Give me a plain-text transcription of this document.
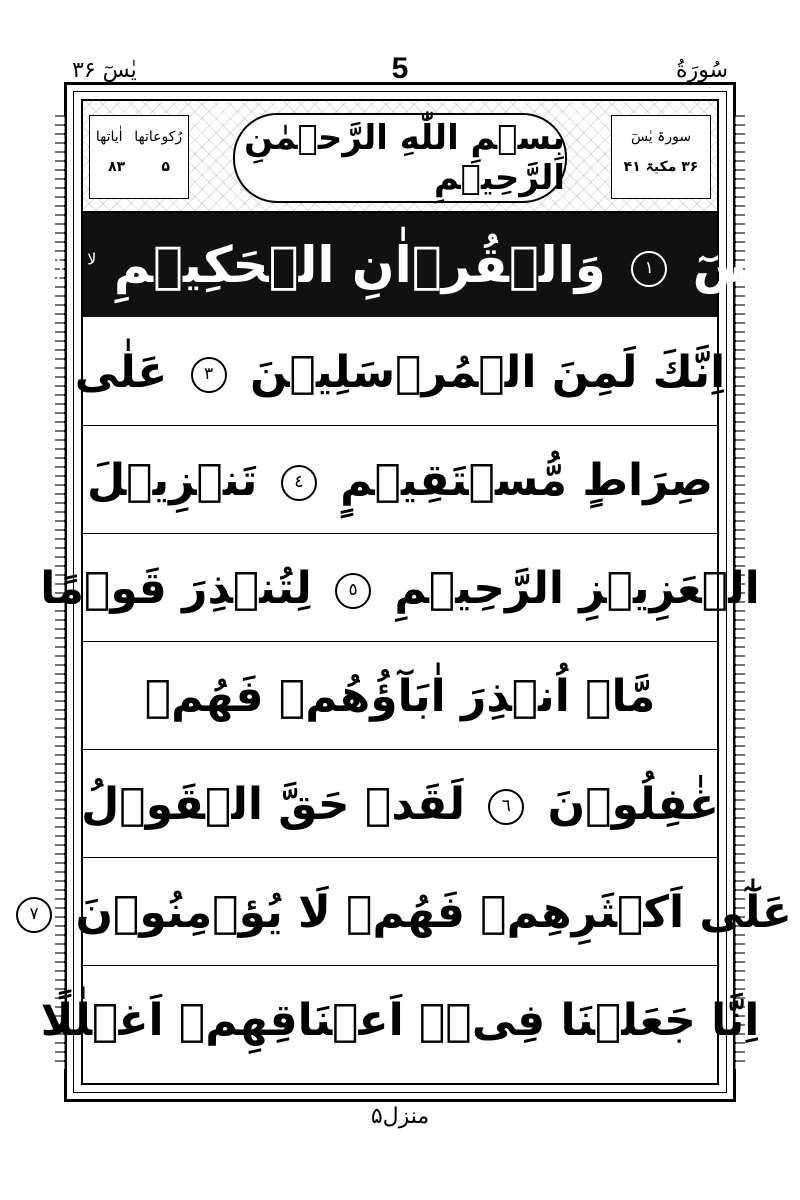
یٰسٓ ۳۶	5	سُورَةُ
رُكوعاتها
اٰیاتھا
۵
۸۳
بِسۡمِ اللّٰهِ الرَّحۡمٰنِ الرَّحِيۡمِ
سورۃ یٰسٓ
۳۶ مکیۃ ۴۱
يٰسٓ ١ وَالۡقُرۡاٰنِ الۡحَكِيۡمِ $^{لا}$ ٢
اِنَّكَ لَمِنَ الۡمُرۡسَلِيۡنَ ٣ عَلٰى
صِرَاطٍ مُّسۡتَقِيۡمٍ ٤ تَنۡزِيۡلَ
الۡعَزِيۡزِ الرَّحِيۡمِ ٥ لِتُنۡذِرَ قَوۡمًا
مَّاۤ اُنۡذِرَ اٰبَآؤُهُمۡ فَهُمۡ
غٰفِلُوۡنَ ٦ لَقَدۡ حَقَّ الۡقَوۡلُ
عَلٰٓى اَكۡثَرِهِمۡ فَهُمۡ لَا يُؤۡمِنُوۡنَ ٧
اِنَّا جَعَلۡنَا فِىۡۤ اَعۡنَاقِهِمۡ اَغۡلٰلًا
منزل۵
